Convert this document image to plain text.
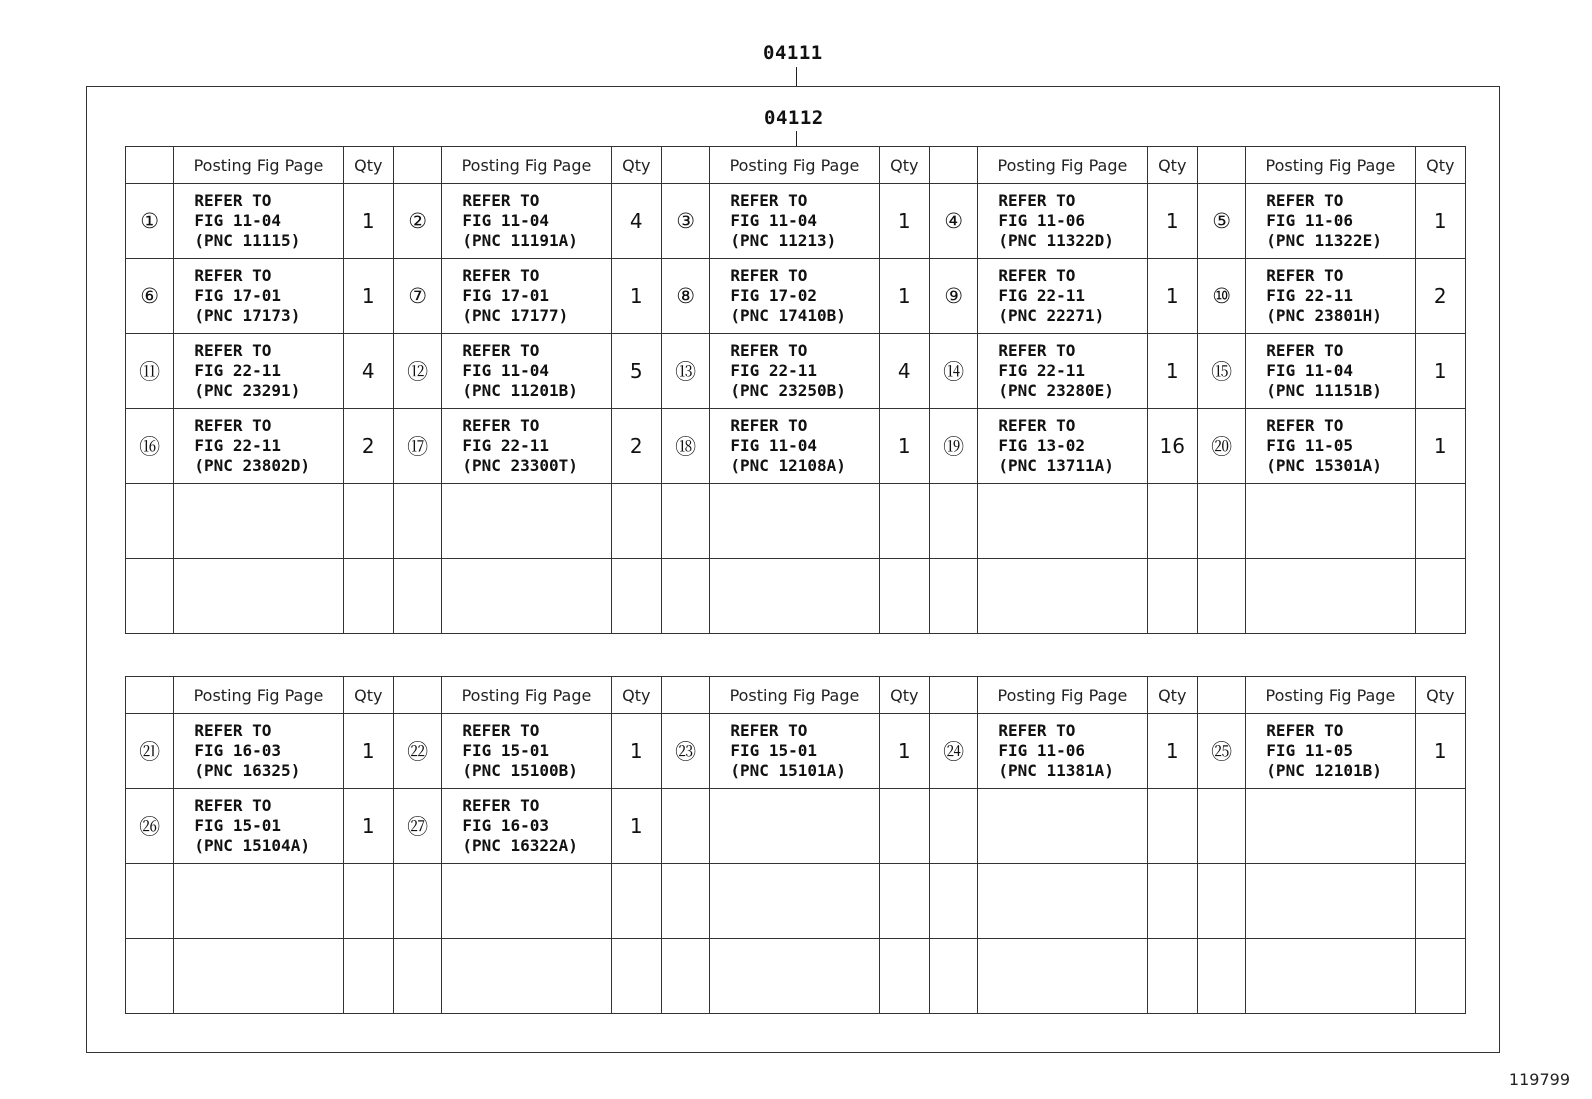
04111
04112
	Posting Fig Page	Qty		Posting Fig Page	Qty		Posting Fig Page	Qty		Posting Fig Page	Qty		Posting Fig Page	Qty
①	REFER TO
FIG 11-04
(PNC 11115)	1	②	REFER TO
FIG 11-04
(PNC 11191A)	4	③	REFER TO
FIG 11-04
(PNC 11213)	1	④	REFER TO
FIG 11-06
(PNC 11322D)	1	⑤	REFER TO
FIG 11-06
(PNC 11322E)	1
⑥	REFER TO
FIG 17-01
(PNC 17173)	1	⑦	REFER TO
FIG 17-01
(PNC 17177)	1	⑧	REFER TO
FIG 17-02
(PNC 17410B)	1	⑨	REFER TO
FIG 22-11
(PNC 22271)	1	⑩	REFER TO
FIG 22-11
(PNC 23801H)	2
⑪	REFER TO
FIG 22-11
(PNC 23291)	4	⑫	REFER TO
FIG 11-04
(PNC 11201B)	5	⑬	REFER TO
FIG 22-11
(PNC 23250B)	4	⑭	REFER TO
FIG 22-11
(PNC 23280E)	1	⑮	REFER TO
FIG 11-04
(PNC 11151B)	1
⑯	REFER TO
FIG 22-11
(PNC 23802D)	2	⑰	REFER TO
FIG 22-11
(PNC 23300T)	2	⑱	REFER TO
FIG 11-04
(PNC 12108A)	1	⑲	REFER TO
FIG 13-02
(PNC 13711A)	16	⑳	REFER TO
FIG 11-05
(PNC 15301A)	1

	Posting Fig Page	Qty		Posting Fig Page	Qty		Posting Fig Page	Qty		Posting Fig Page	Qty		Posting Fig Page	Qty
㉑	REFER TO
FIG 16-03
(PNC 16325)	1	㉒	REFER TO
FIG 15-01
(PNC 15100B)	1	㉓	REFER TO
FIG 15-01
(PNC 15101A)	1	㉔	REFER TO
FIG 11-06
(PNC 11381A)	1	㉕	REFER TO
FIG 11-05
(PNC 12101B)	1
㉖	REFER TO
FIG 15-01
(PNC 15104A)	1	㉗	REFER TO
FIG 16-03
(PNC 16322A)	1									

119799
